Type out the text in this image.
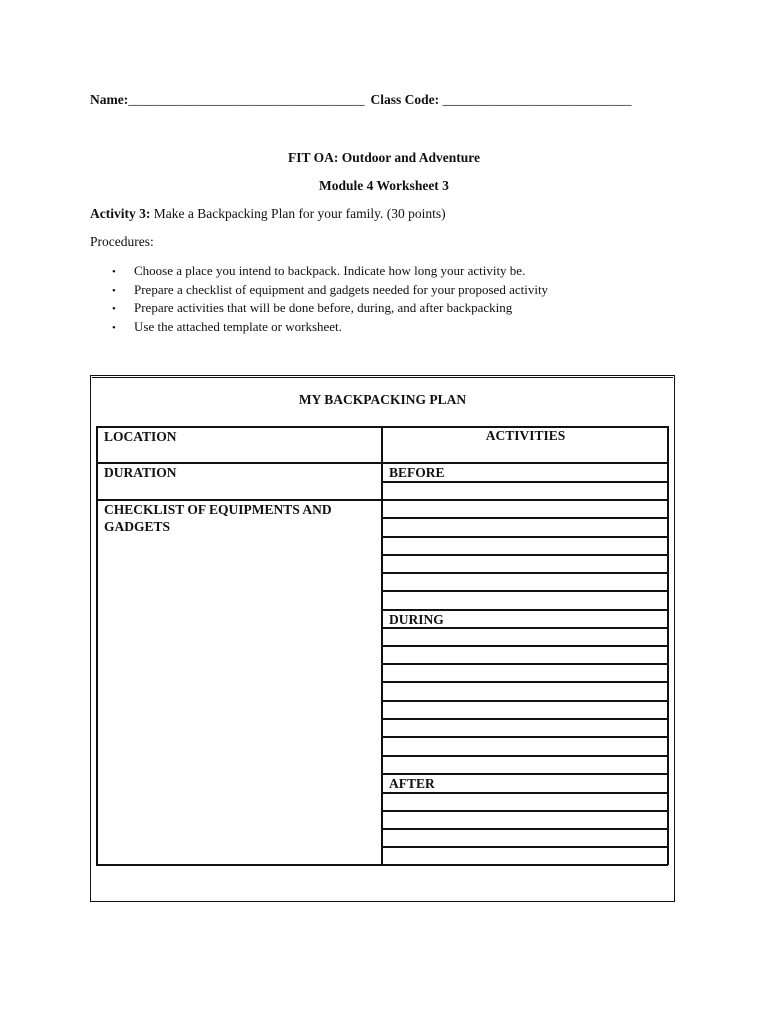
Name:___________________________________ Class Code: ____________________________
FIT OA: Outdoor and Adventure
Module 4 Worksheet 3
Activity 3: Make a Backpacking Plan for your family. (30 points)
Procedures:
• Choose a place you intend to backpack. Indicate how long your activity be.
• Prepare a checklist of equipment and gadgets needed for your proposed activity
• Prepare activities that will be done before, during, and after backpacking
• Use the attached template or worksheet.
MY BACKPACKING PLAN
LOCATION
DURATION
CHECKLIST OF EQUIPMENTS AND
GADGETS
ACTIVITIES
BEFORE
DURING
AFTER
